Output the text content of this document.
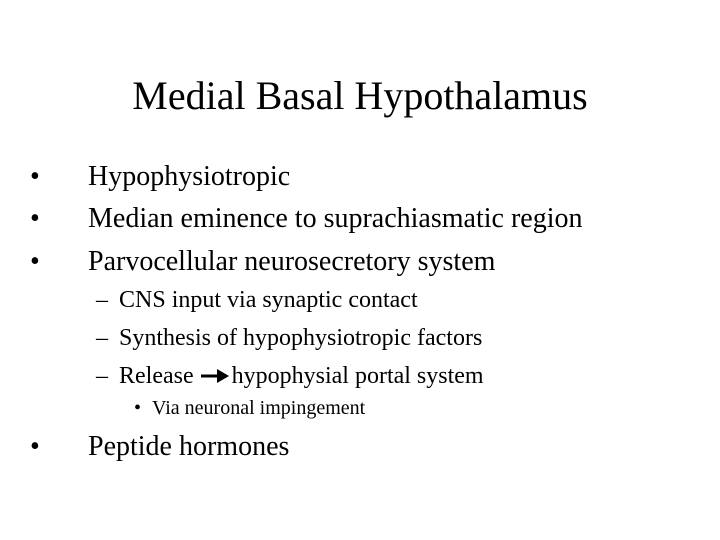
Medial Basal Hypothalamus
• Hypophysiotropic
• Median eminence to suprachiasmatic region
• Parvocellular neurosecretory system
– CNS input via synaptic contact
– Synthesis of hypophysiotropic factors
– Release hypophysial portal system
• Via neuronal impingement
• Peptide hormones
